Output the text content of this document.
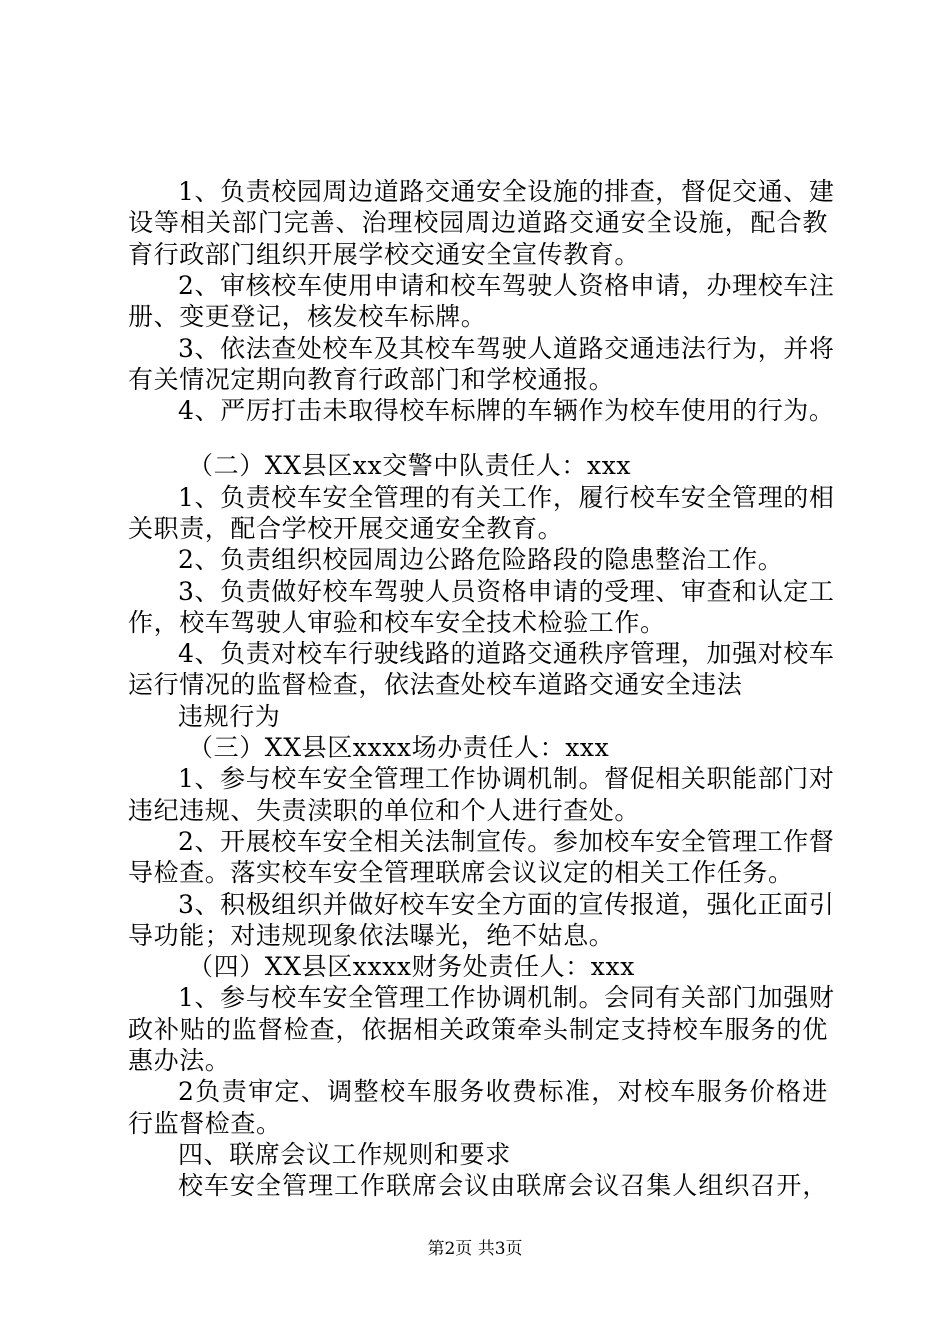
1、负责校园周边道路交通安全设施的排查，督促交通、建
设等相关部门完善、治理校园周边道路交通安全设施，配合教
育行政部门组织开展学校交通安全宣传教育。
2、审核校车使用申请和校车驾驶人资格申请，办理校车注
册、变更登记，核发校车标牌。
3、依法查处校车及其校车驾驶人道路交通违法行为，并将
有关情况定期向教育行政部门和学校通报。
4、严厉打击未取得校车标牌的车辆作为校车使用的行为。
（二）XX县区xx交警中队责任人：xxx
1、负责校车安全管理的有关工作，履行校车安全管理的相
关职责，配合学校开展交通安全教育。
2、负责组织校园周边公路危险路段的隐患整治工作。
3、负责做好校车驾驶人员资格申请的受理、审查和认定工
作，校车驾驶人审验和校车安全技术检验工作。
4、负责对校车行驶线路的道路交通秩序管理，加强对校车
运行情况的监督检查，依法查处校车道路交通安全违法
违规行为
（三）XX县区xxxx场办责任人：xxx
1、参与校车安全管理工作协调机制。督促相关职能部门对
违纪违规、失责渎职的单位和个人进行查处。
2、开展校车安全相关法制宣传。参加校车安全管理工作督
导检查。落实校车安全管理联席会议议定的相关工作任务。
3、积极组织并做好校车安全方面的宣传报道，强化正面引
导功能；对违规现象依法曝光，绝不姑息。
（四）XX县区xxxx财务处责任人：xxx
1、参与校车安全管理工作协调机制。会同有关部门加强财
政补贴的监督检查，依据相关政策牵头制定支持校车服务的优
惠办法。
2负责审定、调整校车服务收费标准，对校车服务价格进
行监督检查。
四、联席会议工作规则和要求
校车安全管理工作联席会议由联席会议召集人组织召开，
第2页 共3页
